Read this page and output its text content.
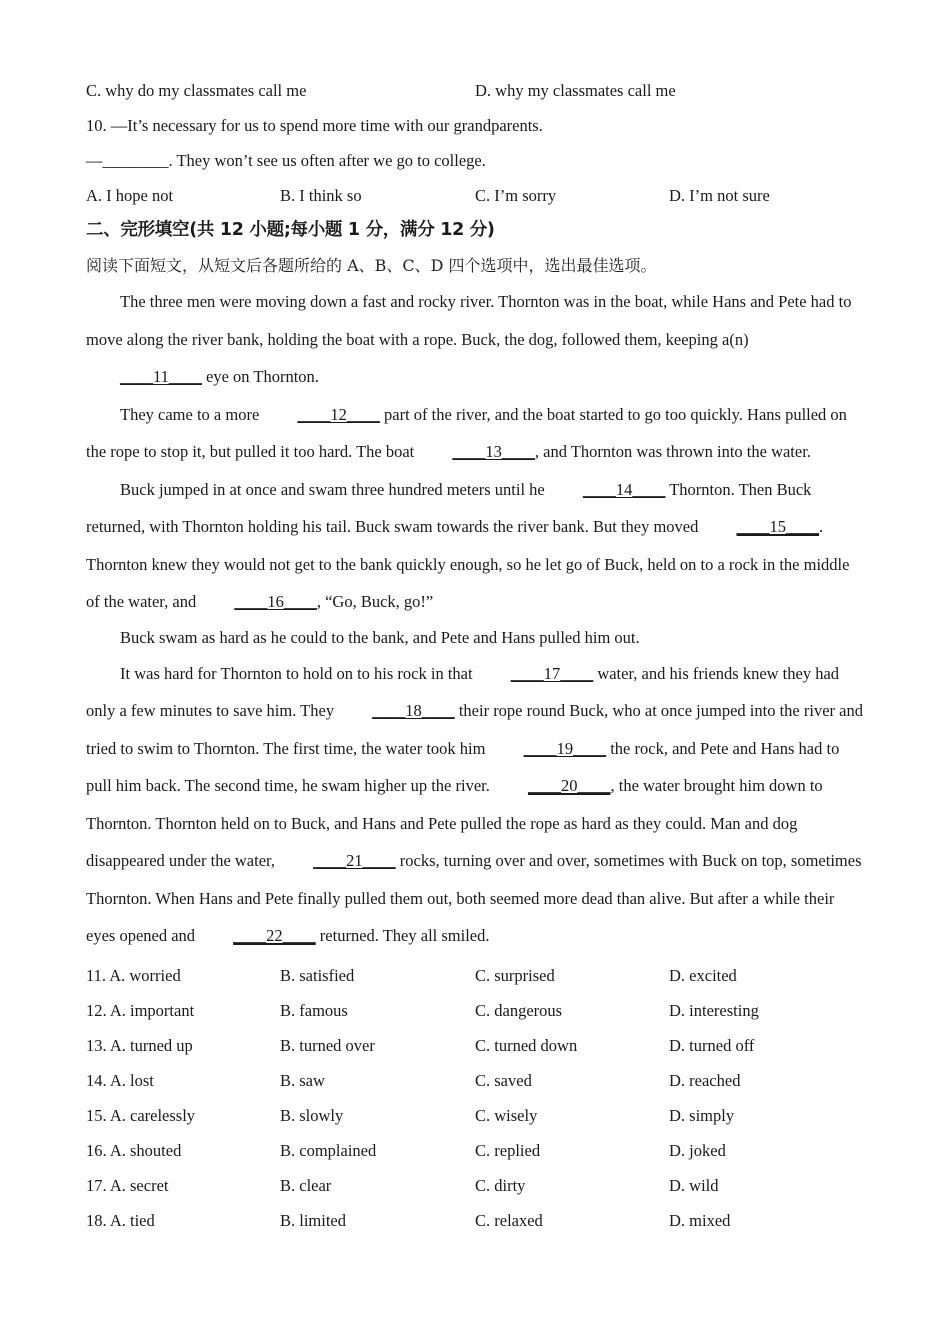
C. why do my classmates call me	D. why my classmates call me
10. —It’s necessary for us to spend more time with our grandparents.
—________. They won’t see us often after we go to college.
A. I hope not	B. I think so	C. I’m sorry	D. I’m not sure
二、完形填空(共 12 小题;每小题 1 分，满分 12 分)
阅读下面短文，从短文后各题所给的 A、B、C、D 四个选项中，选出最佳选项。

The three men were moving down a fast and rocky river. Thornton was in the boat, while Hans and Pete had to move along the river bank, holding the boat with a rope. Buck, the dog, followed them, keeping a(n) ____11____ eye on Thornton.

They came to a more ____12____ part of the river, and the boat started to go too quickly. Hans pulled on the rope to stop it, but pulled it too hard. The boat ____13____, and Thornton was thrown into the water.

Buck jumped in at once and swam three hundred meters until he ____14____ Thornton. Then Buck returned, with Thornton holding his tail. Buck swam towards the river bank. But they moved ____15____. Thornton knew they would not get to the bank quickly enough, so he let go of Buck, held on to a rock in the middle of the water, and ____16____, “Go, Buck, go!”

Buck swam as hard as he could to the bank, and Pete and Hans pulled him out.

It was hard for Thornton to hold on to his rock in that ____17____ water, and his friends knew they had only a few minutes to save him. They ____18____ their rope round Buck, who at once jumped into the river and tried to swim to Thornton. The first time, the water took him ____19____ the rock, and Pete and Hans had to pull him back. The second time, he swam higher up the river. ____20____, the water brought him down to Thornton. Thornton held on to Buck, and Hans and Pete pulled the rope as hard as they could. Man and dog disappeared under the water, ____21____ rocks, turning over and over, sometimes with Buck on top, sometimes Thornton. When Hans and Pete finally pulled them out, both seemed more dead than alive. But after a while their eyes opened and ____22____ returned. They all smiled.

11. A. worried	B. satisfied	C. surprised	D. excited
12. A. important	B. famous	C. dangerous	D. interesting
13. A. turned up	B. turned over	C. turned down	D. turned off
14. A. lost	B. saw	C. saved	D. reached
15. A. carelessly	B. slowly	C. wisely	D. simply
16. A. shouted	B. complained	C. replied	D. joked
17. A. secret	B. clear	C. dirty	D. wild
18. A. tied	B. limited	C. relaxed	D. mixed
